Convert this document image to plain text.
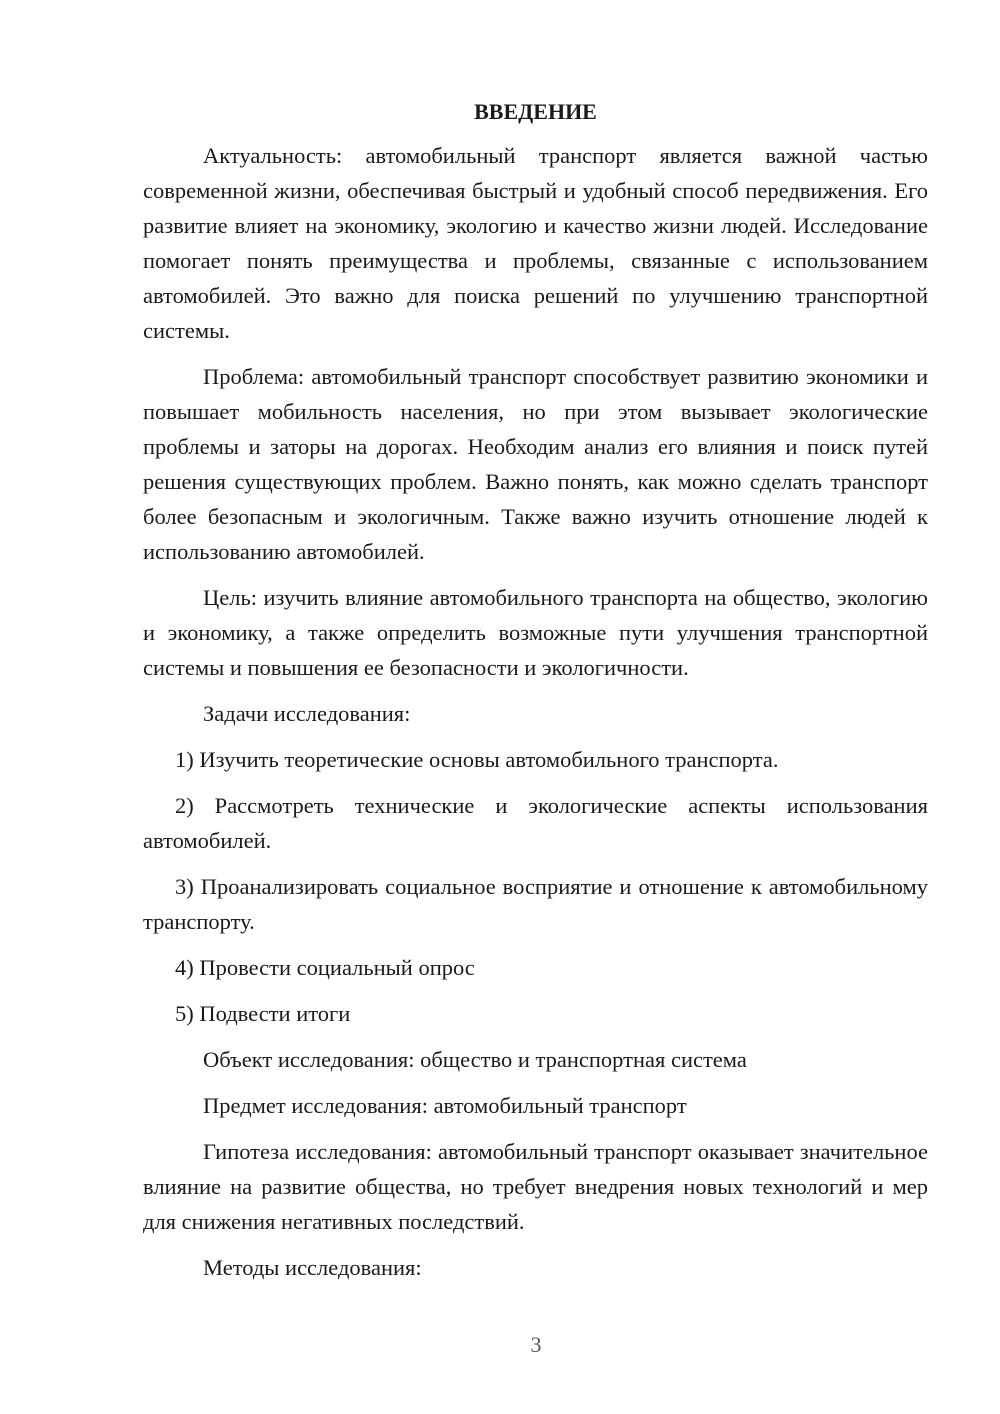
ВВЕДЕНИЕ

Актуальность: автомобильный транспорт является важной частью современной жизни, обеспечивая быстрый и удобный способ передвижения. Его развитие влияет на экономику, экологию и качество жизни людей. Исследование помогает понять преимущества и проблемы, связанные с использованием автомобилей. Это важно для поиска решений по улучшению транспортной системы.

Проблема: автомобильный транспорт способствует развитию экономики и повышает мобильность населения, но при этом вызывает экологические проблемы и заторы на дорогах. Необходим анализ его влияния и поиск путей решения существующих проблем. Важно понять, как можно сделать транспорт более безопасным и экологичным. Также важно изучить отношение людей к использованию автомобилей.

Цель: изучить влияние автомобильного транспорта на общество, экологию и экономику, а также определить возможные пути улучшения транспортной системы и повышения ее безопасности и экологичности.

Задачи исследования:

1) Изучить теоретические основы автомобильного транспорта.

2) Рассмотреть технические и экологические аспекты использования автомобилей.

3) Проанализировать социальное восприятие и отношение к автомобильному транспорту.

4) Провести социальный опрос

5) Подвести итоги

Объект исследования: общество и транспортная система

Предмет исследования: автомобильный транспорт

Гипотеза исследования: автомобильный транспорт оказывает значительное влияние на развитие общества, но требует внедрения новых технологий и мер для снижения негативных последствий.

Методы исследования:

3
